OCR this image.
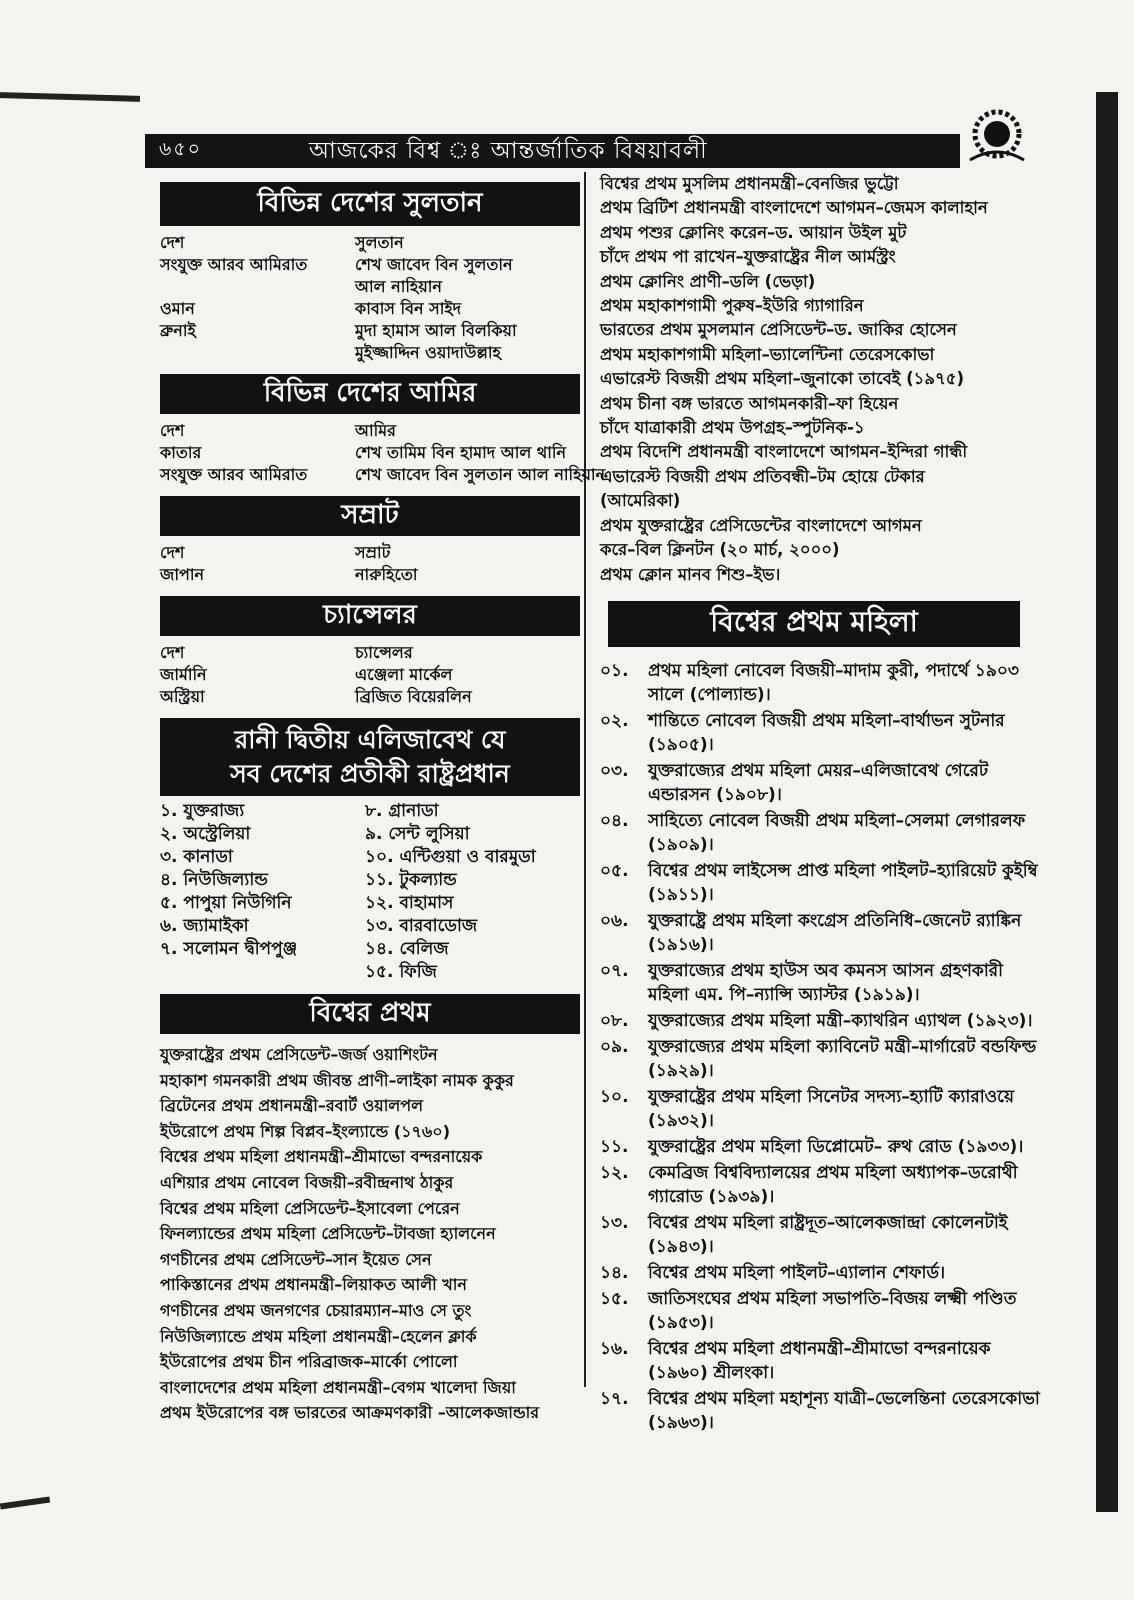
৬৫০	আজকের বিশ্ব ঃ আন্তর্জাতিক বিষয়াবলী
বিভিন্ন দেশের সুলতান
দেশ	সুলতান
সংযুক্ত আরব আমিরাত	শেখ জাবেদ বিন সুলতান
আল নাহিয়ান
ওমান	কাবাস বিন সাইদ
ব্রুনাই	মুদা হামাস আল বিলকিয়া
মুইজ্জাদ্দিন ওয়াদাউল্লাহ
বিভিন্ন দেশের আমির
দেশ	আমির
কাতার	শেখ তামিম বিন হামাদ আল থানি
সংযুক্ত আরব আমিরাত	শেখ জাবেদ বিন সুলতান আল নাহিয়ান
সম্রাট
দেশ	সম্রাট
জাপান	নারুহিতো
চ্যান্সেলর
দেশ	চ্যান্সেলর
জার্মানি	এঞ্জেলা মার্কেল
অস্ট্রিয়া	ব্রিজিত বিয়েরলিন
রানী দ্বিতীয় এলিজাবেথ যে
সব দেশের প্রতীকী রাষ্ট্রপ্রধান
১. যুক্তরাজ্য
২. অস্ট্রেলিয়া
৩. কানাডা
৪. নিউজিল্যান্ড
৫. পাপুয়া নিউগিনি
৬. জ্যামাইকা
৭. সলোমন দ্বীপপুঞ্জ
৮. গ্রানাডা
৯. সেন্ট লুসিয়া
১০. এন্টিগুয়া ও বারমুডা
১১. টুকল্যান্ড
১২. বাহামাস
১৩. বারবাডোজ
১৪. বেলিজ
১৫. ফিজি
বিশ্বের প্রথম
যুক্তরাষ্ট্রের প্রথম প্রেসিডেন্ট–জর্জ ওয়াশিংটন
মহাকাশ গমনকারী প্রথম জীবন্ত প্রাণী–লাইকা নামক কুকুর
ব্রিটেনের প্রথম প্রধানমন্ত্রী–রবার্ট ওয়ালপল
ইউরোপে প্রথম শিল্প বিপ্লব–ইংল্যান্ডে (১৭৬০)
বিশ্বের প্রথম মহিলা প্রধানমন্ত্রী–শ্রীমাভো বন্দরনায়েক
এশিয়ার প্রথম নোবেল বিজয়ী–রবীন্দ্রনাথ ঠাকুর
বিশ্বের প্রথম মহিলা প্রেসিডেন্ট–ইসাবেলা পেরেন
ফিনল্যান্ডের প্রথম মহিলা প্রেসিডেন্ট–টাবজা হ্যালনেন
গণচীনের প্রথম প্রেসিডেন্ট–সান ইয়েত সেন
পাকিস্তানের প্রথম প্রধানমন্ত্রী–লিয়াকত আলী খান
গণচীনের প্রথম জনগণের চেয়ারম্যান–মাও সে তুং
নিউজিল্যান্ডে প্রথম মহিলা প্রধানমন্ত্রী–হেলেন ক্লার্ক
ইউরোপের প্রথম চীন পরিব্রাজক–মার্কো পোলো
বাংলাদেশের প্রথম মহিলা প্রধানমন্ত্রী–বেগম খালেদা জিয়া
প্রথম ইউরোপের বঙ্গ ভারতের আক্রমণকারী –আলেকজান্ডার
বিশ্বের প্রথম মুসলিম প্রধানমন্ত্রী–বেনজির ভুট্টো
প্রথম ব্রিটিশ প্রধানমন্ত্রী বাংলাদেশে আগমন–জেমস কালাহান
প্রথম পশুর ক্লোনিং করেন–ড. আয়ান উইল মুট
চাঁদে প্রথম পা রাখেন–যুক্তরাষ্ট্রের নীল আর্মস্ট্রং
প্রথম ক্লোনিং প্রাণী–ডলি (ভেড়া)
প্রথম মহাকাশগামী পুরুষ–ইউরি গ্যাগারিন
ভারতের প্রথম মুসলমান প্রেসিডেন্ট–ড. জাকির হোসেন
প্রথম মহাকাশগামী মহিলা–ভ্যালেন্টিনা তেরেসকোভা
এভারেস্ট বিজয়ী প্রথম মহিলা–জুনাকো তাবেই (১৯৭৫)
প্রথম চীনা বঙ্গ ভারতে আগমনকারী–ফা হিয়েন
চাঁদে যাত্রাকারী প্রথম উপগ্রহ–স্পুটনিক-১
প্রথম বিদেশি প্রধানমন্ত্রী বাংলাদেশে আগমন–ইন্দিরা গান্ধী
এভারেস্ট বিজয়ী প্রথম প্রতিবন্ধী–টম হোয়ে টেকার
(আমেরিকা)
প্রথম যুক্তরাষ্ট্রের প্রেসিডেন্টের বাংলাদেশে আগমন
করে–বিল ক্লিনটন (২০ মার্চ, ২০০০)
প্রথম ক্লোন মানব শিশু–ইভ।
বিশ্বের প্রথম মহিলা
০১.	প্রথম মহিলা নোবেল বিজয়ী–মাদাম কুরী, পদার্থে ১৯০৩ সালে (পোল্যান্ড)।
০২.	শান্তিতে নোবেল বিজয়ী প্রথম মহিলা–বার্থাভন সুটনার (১৯০৫)।
০৩.	যুক্তরাজ্যের প্রথম মহিলা মেয়র–এলিজাবেথ গেরেট এন্ডারসন (১৯০৮)।
০৪.	সাহিত্যে নোবেল বিজয়ী প্রথম মহিলা–সেলমা লেগারলফ (১৯০৯)।
০৫.	বিশ্বের প্রথম লাইসেন্স প্রাপ্ত মহিলা পাইলট–হ্যারিয়েট কুইম্বি (১৯১১)।
০৬.	যুক্তরাষ্ট্রে প্রথম মহিলা কংগ্রেস প্রতিনিধি–জেনেট র‍্যাঙ্কিন (১৯১৬)।
০৭.	যুক্তরাজ্যের প্রথম হাউস অব কমনস আসন গ্রহণকারী মহিলা এম. পি–ন্যান্সি অ্যাস্টর (১৯১৯)।
০৮.	যুক্তরাজ্যের প্রথম মহিলা মন্ত্রী–ক্যাথরিন এ্যাথল (১৯২৩)।
০৯.	যুক্তরাজ্যের প্রথম মহিলা ক্যাবিনেট মন্ত্রী–মার্গারেট বন্ডফিল্ড (১৯২৯)।
১০.	যুক্তরাষ্ট্রের প্রথম মহিলা সিনেটর সদস্য–হ্যাটি ক্যারাওয়ে (১৯৩২)।
১১.	যুক্তরাষ্ট্রের প্রথম মহিলা ডিপ্লোমেট– রুথ রোড (১৯৩৩)।
১২.	কেমব্রিজ বিশ্ববিদ্যালয়ের প্রথম মহিলা অধ্যাপক–ডরোথী গ্যারোড (১৯৩৯)।
১৩.	বিশ্বের প্রথম মহিলা রাষ্ট্রদূত–আলেকজান্দ্রা কোলেনটাই (১৯৪৩)।
১৪.	বিশ্বের প্রথম মহিলা পাইলট–এ্যালান শেফার্ড।
১৫.	জাতিসংঘের প্রথম মহিলা সভাপতি–বিজয় লক্ষ্মী পণ্ডিত (১৯৫৩)।
১৬.	বিশ্বের প্রথম মহিলা প্রধানমন্ত্রী–শ্রীমাভো বন্দরনায়েক (১৯৬০) শ্রীলংকা।
১৭.	বিশ্বের প্রথম মহিলা মহাশূন্য যাত্রী–ভেলেন্তিনা তেরেসকোভা (১৯৬৩)।
